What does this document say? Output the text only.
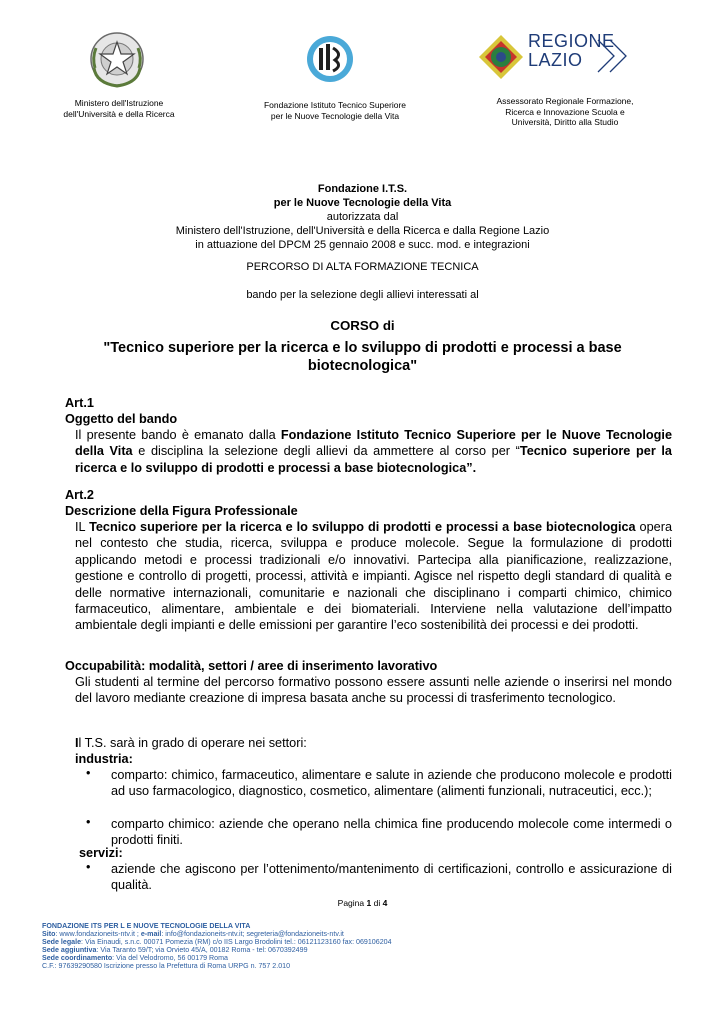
Ministero dell'Istruzione
dell'Università e della Ricerca
Fondazione Istituto Tecnico Superiore
per le Nuove Tecnologie della Vita
REGIONE
LAZIO
Assessorato Regionale Formazione,
Ricerca e Innovazione Scuola e
Università, Diritto alla Studio
Fondazione I.T.S.
per le Nuove Tecnologie della Vita
autorizzata dal
Ministero dell'Istruzione, dell'Università e della Ricerca e dalla Regione Lazio
in attuazione del DPCM 25 gennaio 2008 e succ. mod. e integrazioni
PERCORSO DI ALTA FORMAZIONE TECNICA
bando per la selezione degli allievi interessati al
CORSO di
"Tecnico superiore per la ricerca e lo sviluppo di prodotti e processi a base
biotecnologica"
Art.1
Oggetto del bando
Il presente bando è emanato dalla Fondazione Istituto Tecnico Superiore per le Nuove Tecnologie della Vita e disciplina la selezione degli allievi da ammettere al corso per “Tecnico superiore per la ricerca e lo sviluppo di prodotti e processi a base biotecnologica”.
Art.2
Descrizione della Figura Professionale
IL Tecnico superiore per la ricerca e lo sviluppo di prodotti e processi a base biotecnologica opera nel contesto che studia, ricerca, sviluppa e produce molecole. Segue la formulazione di prodotti applicando metodi e processi tradizionali e/o innovativi. Partecipa alla pianificazione, realizzazione, gestione e controllo di progetti, processi, attività e impianti. Agisce nel rispetto degli standard di qualità e delle normative internazionali, comunitarie e nazionali che disciplinano i comparti chimico, chimico farmaceutico, alimentare, ambientale e dei biomateriali. Interviene nella valutazione dell’impatto ambientale degli impianti e delle emissioni per garantire l’eco sostenibilità dei processi e dei prodotti.
Occupabilità: modalità, settori / aree di inserimento lavorativo
Gli studenti al termine del percorso formativo possono essere assunti nelle aziende o inserirsi nel mondo del lavoro mediante creazione di impresa basata anche su processi di trasferimento tecnologico.
Il T.S. sarà in grado di operare nei settori:
industria:
• comparto: chimico, farmaceutico, alimentare e salute in aziende che producono molecole e prodotti ad uso farmacologico, diagnostico, cosmetico, alimentare (alimenti funzionali, nutraceutici, ecc.);
• comparto chimico: aziende che operano nella chimica fine producendo molecole come intermedi o prodotti finiti.
servizi:
• aziende che agiscono per l’ottenimento/mantenimento di certificazioni, controllo e assicurazione di qualità.
Pagina 1 di 4
FONDAZIONE ITS PER L E NUOVE TECNOLOGIE DELLA VITA
Sito: www.fondazioneits-ntv.it ; e-mail: info@fondazioneits-ntv.it; segreteria@fondazioneits-ntv.it
Sede legale: Via Einaudi, s.n.c. 00071 Pomezia (RM) c/o IIS Largo Brodolini tel.: 06121123160 fax: 069106204
Sede aggiuntiva: Via Taranto 59/T; via Orvieto 45/A, 00182 Roma - tel: 0670392499
Sede coordinamento: Via del Velodromo, 56 00179 Roma
C.F.: 97639290580 Iscrizione presso la Prefettura di Roma URPG n. 757 2.010
